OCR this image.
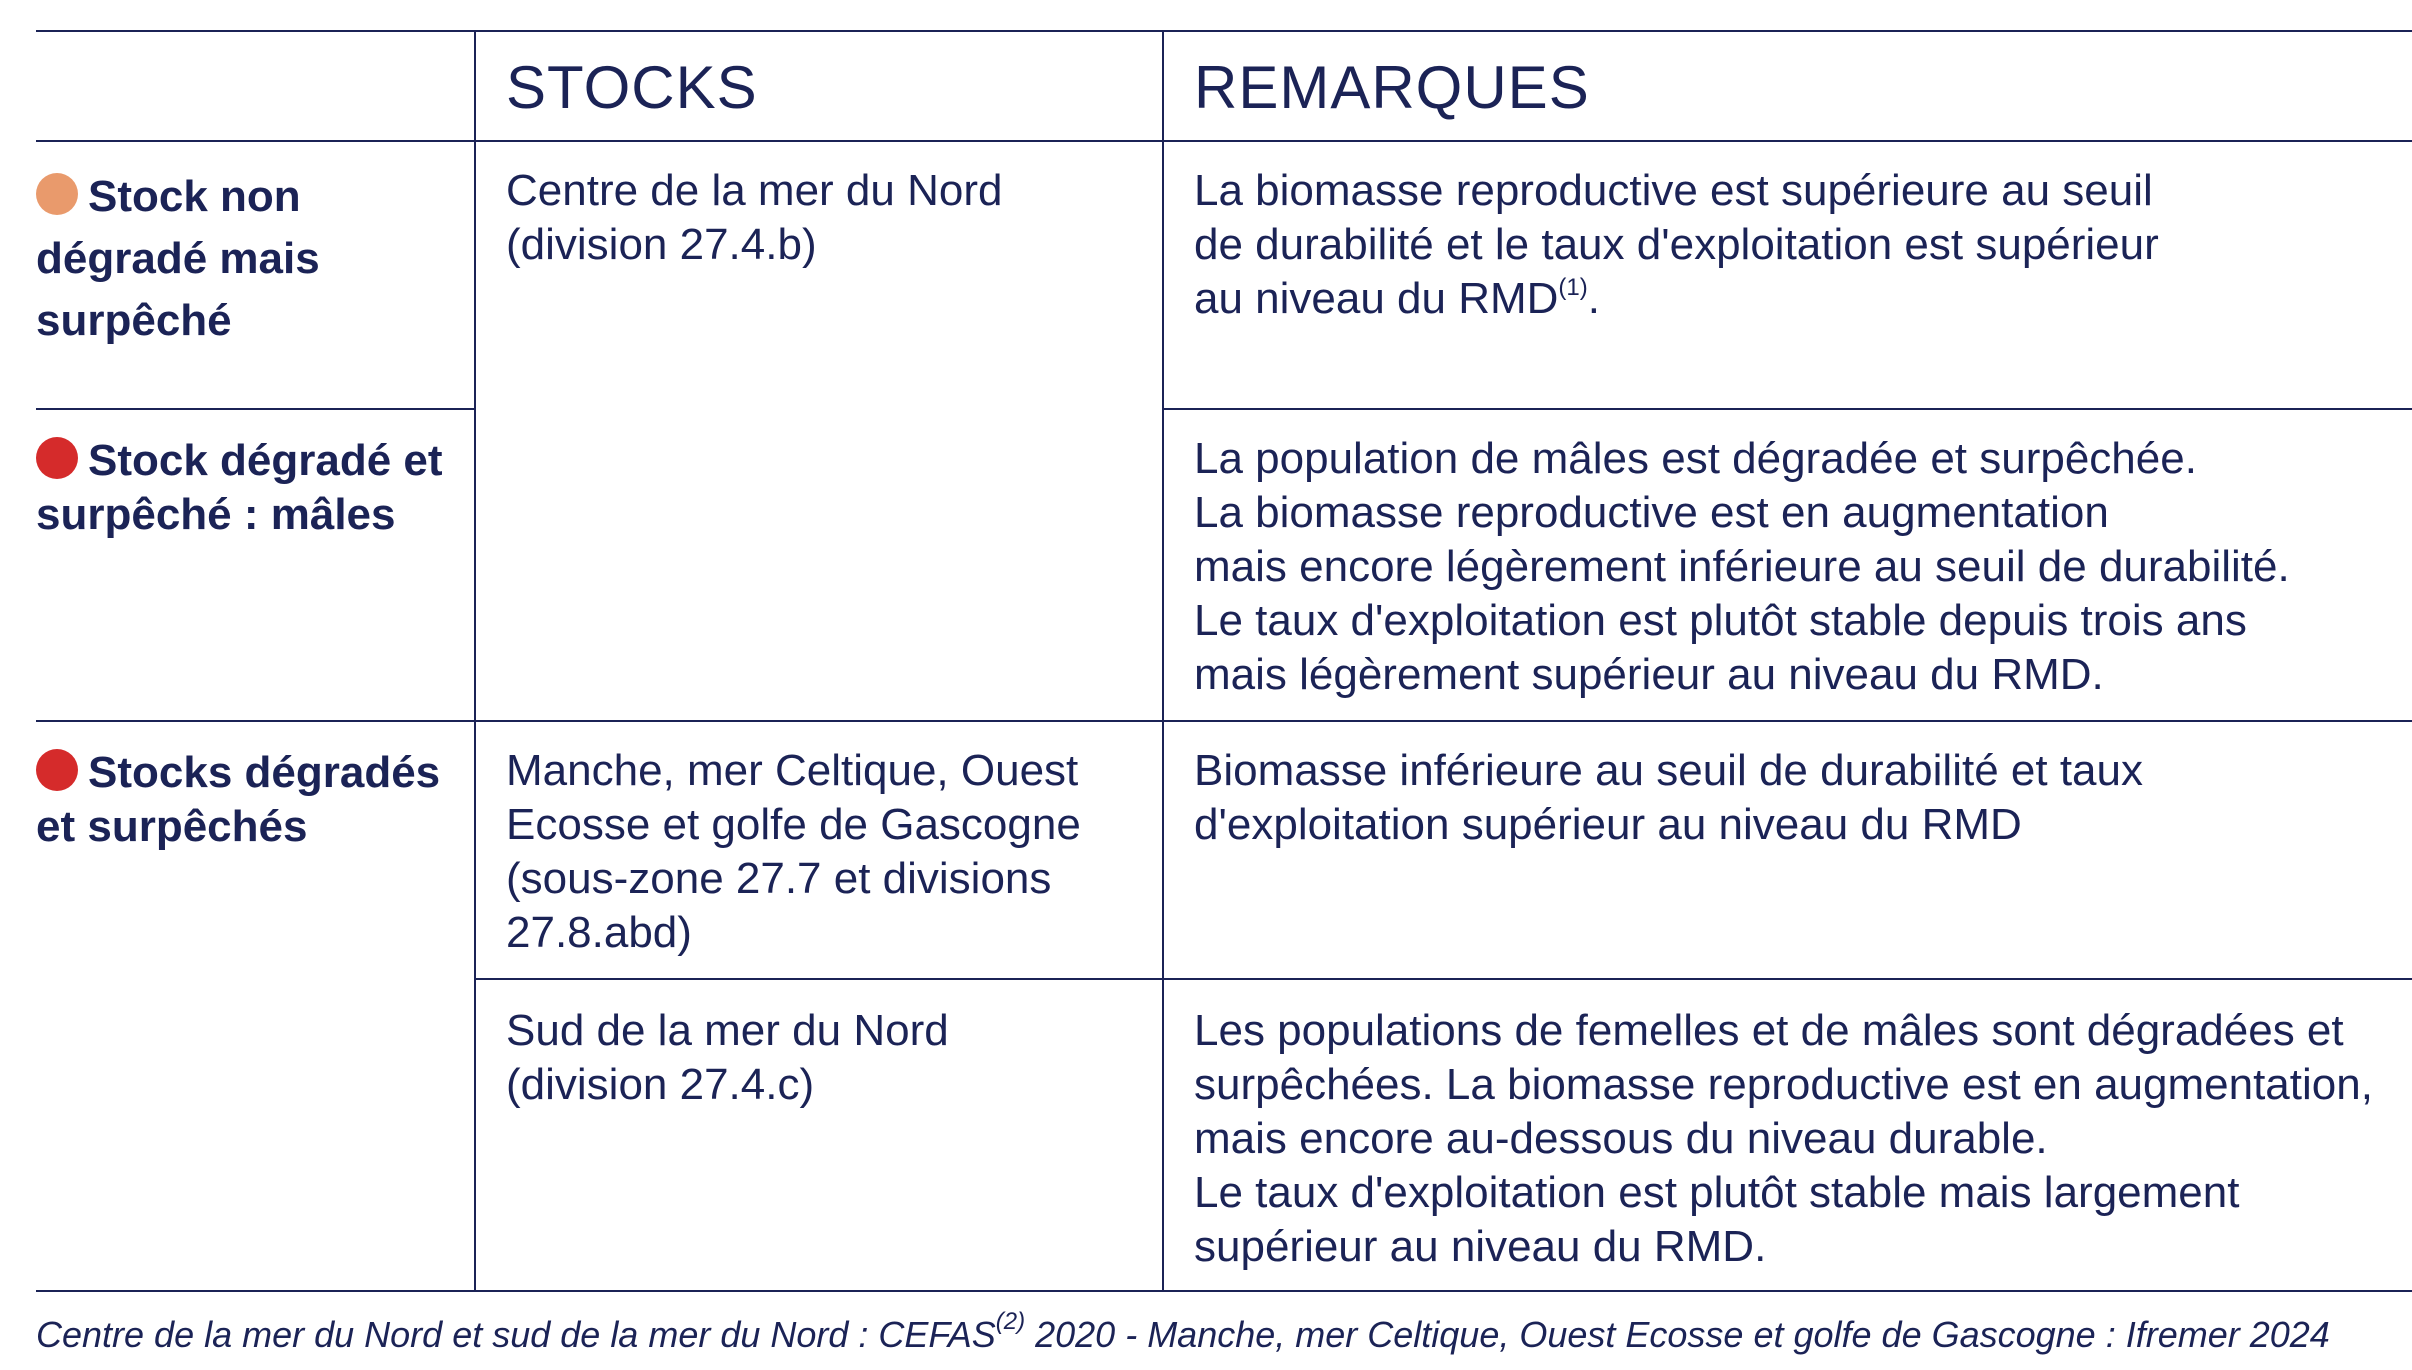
STOCKS	REMARQUES
Stock non dégradé mais surpêché
Centre de la mer du Nord
(division 27.4.b)
La biomasse reproductive est supérieure au seuil
de durabilité et le taux d'exploitation est supérieur
au niveau du RMD$^{(1)}$.
Stock dégradé et surpêché : mâles
La population de mâles est dégradée et surpêchée.
La biomasse reproductive est en augmentation
mais encore légèrement inférieure au seuil de durabilité.
Le taux d'exploitation est plutôt stable depuis trois ans
mais légèrement supérieur au niveau du RMD.
Stocks dégradés et surpêchés
Manche, mer Celtique, Ouest
Ecosse et golfe de Gascogne
(sous-zone 27.7 et divisions
27.8.abd)
Biomasse inférieure au seuil de durabilité et taux
d'exploitation supérieur au niveau du RMD
Sud de la mer du Nord
(division 27.4.c)
Les populations de femelles et de mâles sont dégradées et
surpêchées. La biomasse reproductive est en augmentation,
mais encore au-dessous du niveau durable.
Le taux d'exploitation est plutôt stable mais largement
supérieur au niveau du RMD.
Centre de la mer du Nord et sud de la mer du Nord : CEFAS$^{(2)}$ 2020 - Manche, mer Celtique, Ouest Ecosse et golfe de Gascogne : Ifremer 2024
